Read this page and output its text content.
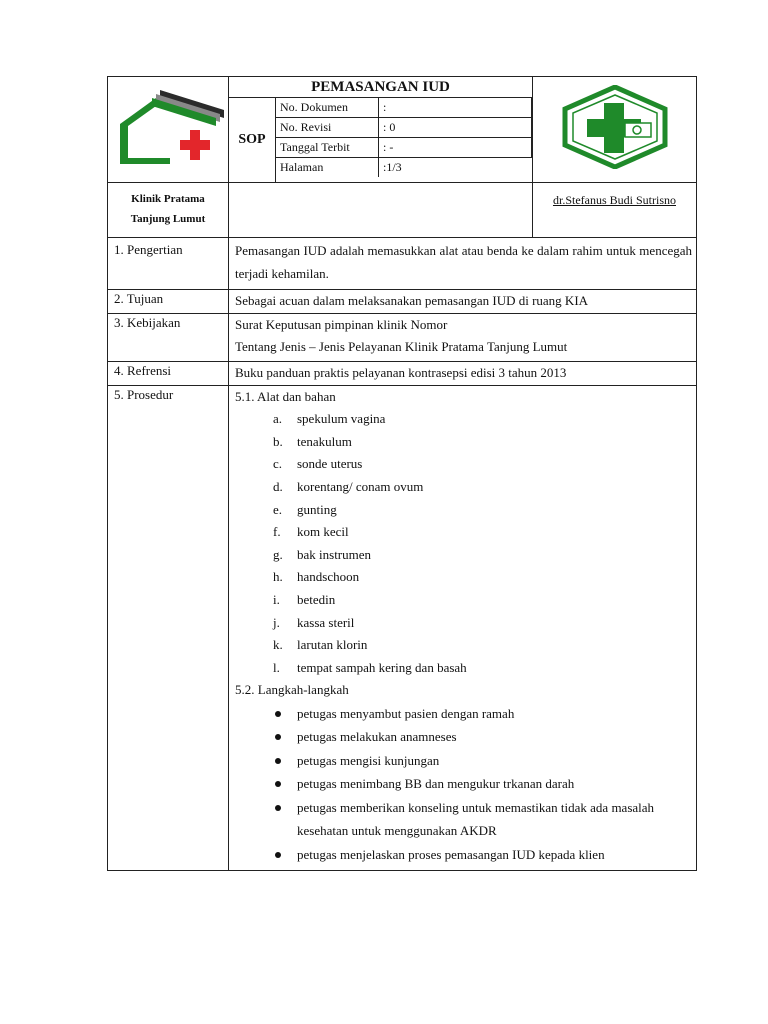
PEMASANGAN IUD
SOP	
No. Dokumen	:
No. Revisi	: 0
Tanggal Terbit	: -
Halaman	:1/3

Klinik Pratama
Tanjung Lumut
		dr.Stefanus Budi Sutrisno
1. Pengertian	Pemasangan IUD adalah memasukkan alat atau benda ke dalam rahim untuk mencegah terjadi kehamilan.
2. Tujuan	Sebagai acuan dalam melaksanakan pemasangan IUD di ruang KIA
3. Kebijakan	Surat Keputusan pimpinan klinik Nomor
Tentang Jenis – Jenis Pelayanan Klinik Pratama Tanjung Lumut

4. Refrensi	Buku panduan praktis pelayanan kontrasepsi edisi 3 tahun 2013
5. Prosedur	5.1. Alat dan bahan
a. spekulum vagina
b. tenakulum
c. sonde uterus
d. korentang/ conam ovum
e. gunting
f. kom kecil
g. bak instrumen
h. handschoon
i. betedin
j. kassa steril
k. larutan klorin
l. tempat sampah kering dan basah
5.2. Langkah-langkah
petugas menyambut pasien dengan ramah
petugas melakukan anamneses
petugas mengisi kunjungan
petugas menimbang BB dan mengukur trkanan darah
petugas memberikan konseling untuk memastikan tidak ada masalah kesehatan untuk menggunakan AKDR
petugas menjelaskan proses pemasangan IUD kepada klien
